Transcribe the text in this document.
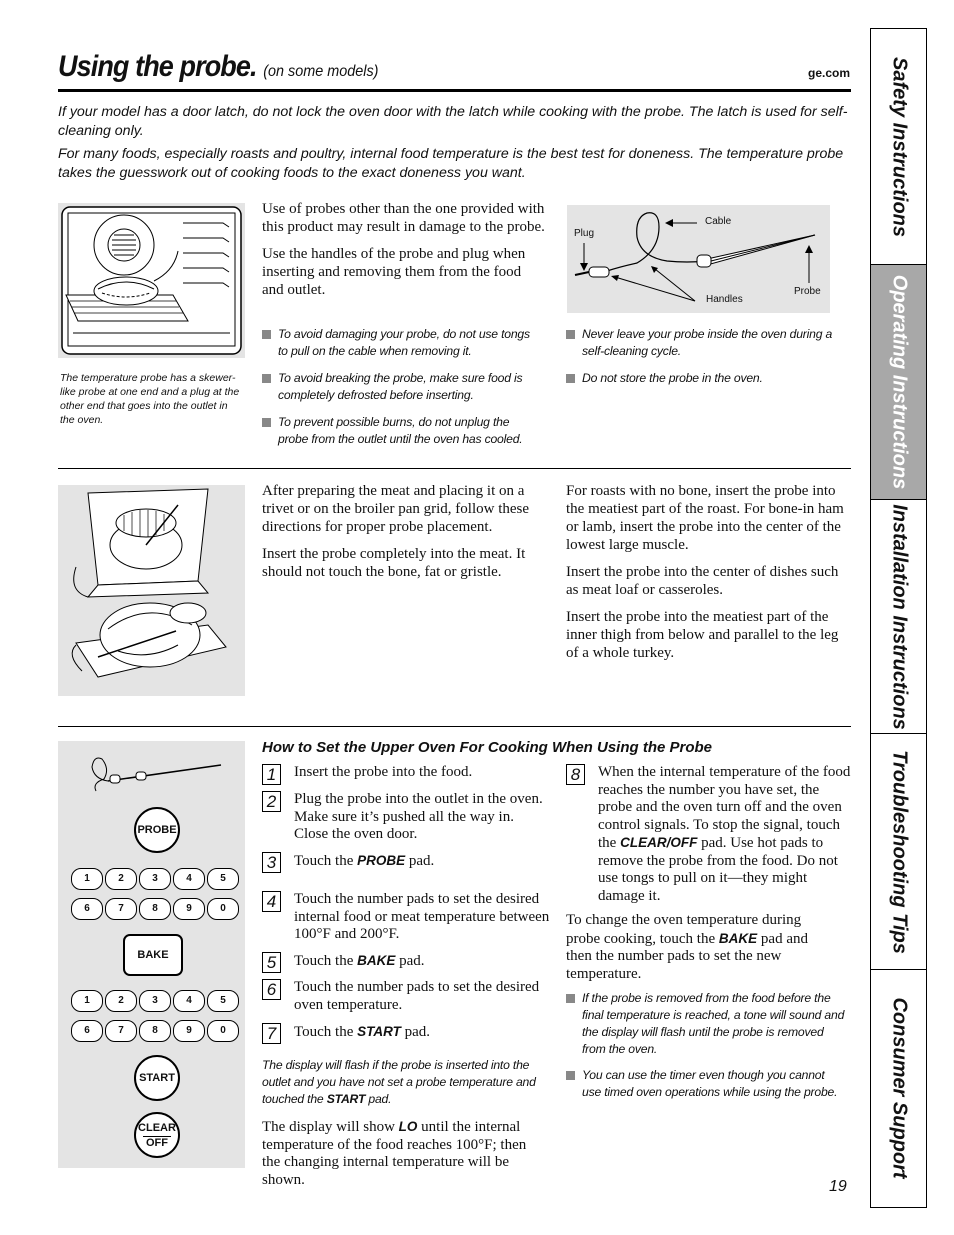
Using the probe. (on some models)	ge.com
If your model has a door latch, do not lock the oven door with the latch while cooking with the probe. The latch is used for self-cleaning only.
For many foods, especially roasts and poultry, internal food temperature is the best test for doneness. The temperature probe takes the guesswork out of cooking foods to the exact doneness you want.
The temperature probe has a skewer-like probe at one end and a plug at the other end that goes into the outlet in the oven.

Use of probes other than the one provided with this product may result in damage to the probe.

Use the handles of the probe and plug when inserting and removing them from the food and outlet.

To avoid damaging your probe, do not use tongs to pull on the cable when removing it.
To avoid breaking the probe, make sure food is completely defrosted before inserting.
To prevent possible burns, do not unplug the probe from the outlet until the oven has cooled.
Plug
Cable
Handles
Probe
Never leave your probe inside the oven during a self-cleaning cycle.
Do not store the probe in the oven.

After preparing the meat and placing it on a trivet or on the broiler pan grid, follow these directions for proper probe placement.

Insert the probe completely into the meat. It should not touch the bone, fat or gristle.

For roasts with no bone, insert the probe into the meatiest part of the roast. For bone-in ham or lamb, insert the probe into the center of the lowest large muscle.

Insert the probe into the center of dishes such as meat loaf or casseroles.

Insert the probe into the meatiest part of the inner thigh from below and parallel to the leg of a whole turkey.

PROBE
1	2	3	4	5
6	7	8	9	0
BAKE
1	2	3	4	5
6	7	8	9	0
START
CLEAR
OFF
How to Set the Upper Oven For Cooking When Using the Probe
1	Insert the probe into the food.
2	Plug the probe into the outlet in the oven. Make sure it’s pushed all the way in. Close the oven door.
3	Touch the PROBE pad.
4	Touch the number pads to set the desired internal food or meat temperature between 100°F and 200°F.
5	Touch the BAKE pad.
6	Touch the number pads to set the desired oven temperature.
7	Touch the START pad.
The display will flash if the probe is inserted into the outlet and you have not set a probe temperature and touched the START pad.
The display will show LO until the internal temperature of the food reaches 100°F; then the changing internal temperature will be shown.
8	When the internal temperature of the food reaches the number you have set, the probe and the oven turn off and the oven control signals. To stop the signal, touch the CLEAR/OFF pad. Use hot pads to remove the probe from the food. Do not use tongs to pull on it—they might damage it.
To change the oven temperature during probe cooking, touch the BAKE pad and then the number pads to set the new temperature.
If the probe is removed from the food before the final temperature is reached, a tone will sound and the display will flash until the probe is removed from the oven.
You can use the timer even though you cannot use timed oven operations while using the probe.
19
Safety Instructions
Operating Instructions
Installation Instructions
Troubleshooting Tips
Consumer Support
